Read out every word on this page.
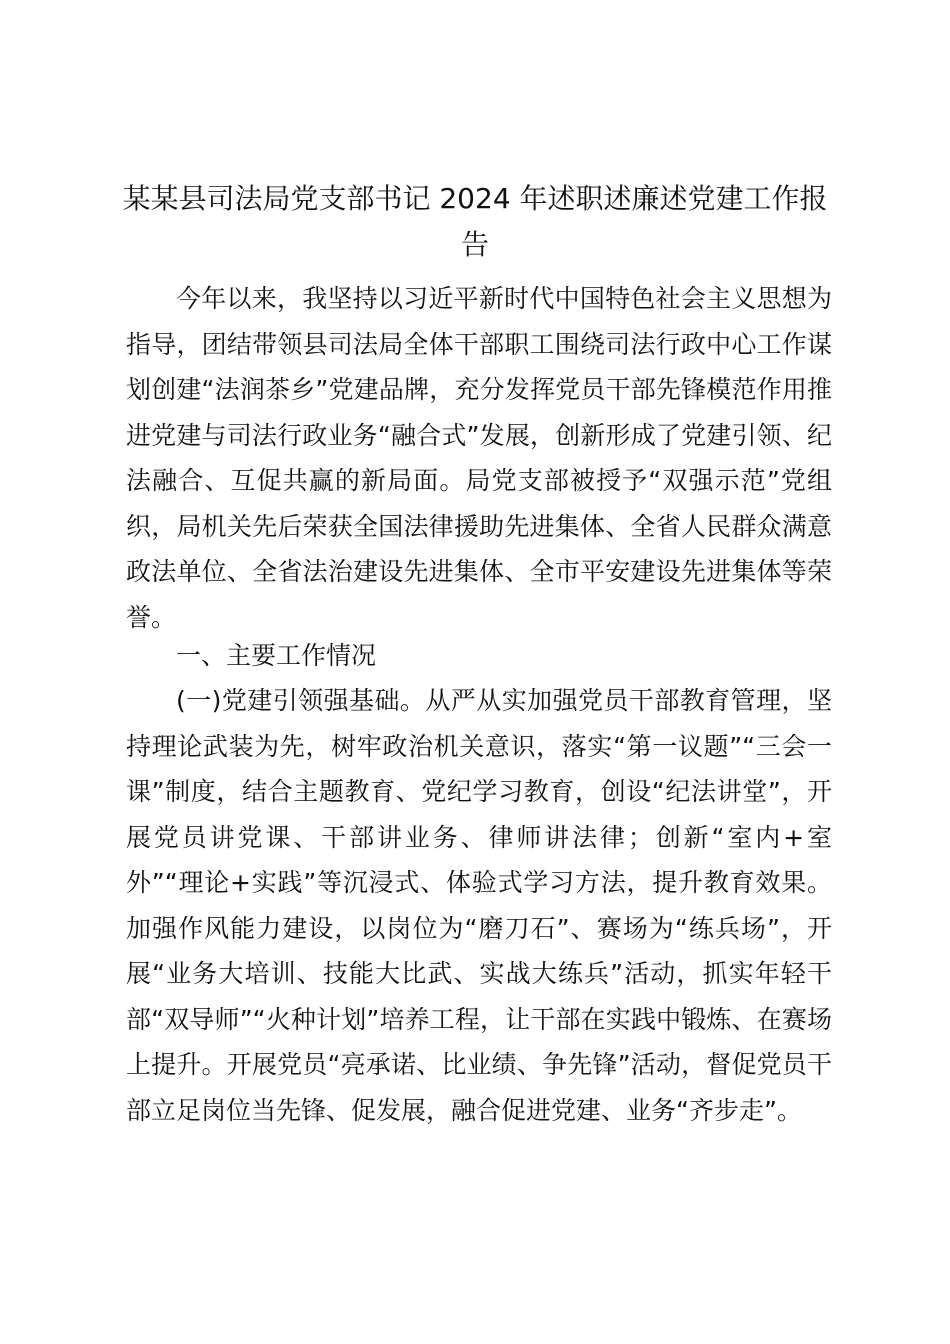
某某县司法局党支部书记 2024 年述职述廉述党建工作报告
今年以来，我坚持以习近平新时代中国特色社会主义思想为指导，团结带领县司法局全体干部职工围绕司法行政中心工作谋划创建“法润茶乡”党建品牌，充分发挥党员干部先锋模范作用推进党建与司法行政业务“融合式”发展，创新形成了党建引领、纪法融合、互促共赢的新局面。局党支部被授予“双强示范”党组织，局机关先后荣获全国法律援助先进集体、全省人民群众满意政法单位、全省法治建设先进集体、全市平安建设先进集体等荣誉。
一、主要工作情况
(一)党建引领强基础。从严从实加强党员干部教育管理，坚持理论武装为先，树牢政治机关意识，落实“第一议题”“三会一课”制度，结合主题教育、党纪学习教育，创设“纪法讲堂”，开展党员讲党课、干部讲业务、律师讲法律；创新“室内+室外”“理论+实践”等沉浸式、体验式学习方法，提升教育效果。加强作风能力建设，以岗位为“磨刀石”、赛场为“练兵场”，开展“业务大培训、技能大比武、实战大练兵”活动，抓实年轻干部“双导师”“火种计划”培养工程，让干部在实践中锻炼、在赛场上提升。开展党员“亮承诺、比业绩、争先锋”活动，督促党员干部立足岗位当先锋、促发展，融合促进党建、业务“齐步走”。
